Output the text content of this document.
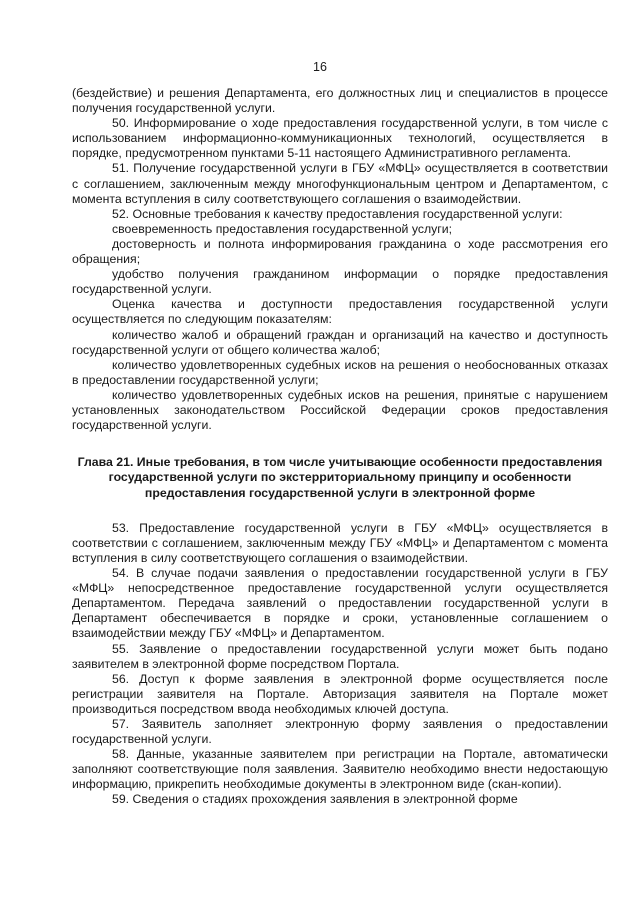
16

(бездействие) и решения Департамента, его должностных лиц и специалистов в процессе получения государственной услуги.

50. Информирование о ходе предоставления государственной услуги, в том числе с использованием информационно-коммуникационных технологий, осуществляется в порядке, предусмотренном пунктами 5-11 настоящего Административного регламента.

51. Получение государственной услуги в ГБУ «МФЦ» осуществляется в соответствии с соглашением, заключенным между многофункциональным центром и Департаментом, с момента вступления в силу соответствующего соглашения о взаимодействии.

52. Основные требования к качеству предоставления государственной услуги:

своевременность предоставления государственной услуги;

достоверность и полнота информирования гражданина о ходе рассмотрения его обращения;

удобство получения гражданином информации о порядке предоставления государственной услуги.

Оценка качества и доступности предоставления государственной услуги осуществляется по следующим показателям:

количество жалоб и обращений граждан и организаций на качество и доступность государственной услуги от общего количества жалоб;

количество удовлетворенных судебных исков на решения о необоснованных отказах в предоставлении государственной услуги;

количество удовлетворенных судебных исков на решения, принятые с нарушением установленных законодательством Российской Федерации сроков предоставления государственной услуги.

Глава 21. Иные требования, в том числе учитывающие особенности предоставления государственной услуги по экстерриториальному принципу и особенности предоставления государственной услуги в электронной форме

53. Предоставление государственной услуги в ГБУ «МФЦ» осуществляется в соответствии с соглашением, заключенным между ГБУ «МФЦ» и Департаментом с момента вступления в силу соответствующего соглашения о взаимодействии.

54. В случае подачи заявления о предоставлении государственной услуги в ГБУ «МФЦ» непосредственное предоставление государственной услуги осуществляется Департаментом. Передача заявлений о предоставлении государственной услуги в Департамент обеспечивается в порядке и сроки, установленные соглашением о взаимодействии между ГБУ «МФЦ» и Департаментом.

55. Заявление о предоставлении государственной услуги может быть подано заявителем в электронной форме посредством Портала.

56. Доступ к форме заявления в электронной форме осуществляется после регистрации заявителя на Портале. Авторизация заявителя на Портале может производиться посредством ввода необходимых ключей доступа.

57. Заявитель заполняет электронную форму заявления о предоставлении государственной услуги.

58. Данные, указанные заявителем при регистрации на Портале, автоматически заполняют соответствующие поля заявления. Заявителю необходимо внести недостающую информацию, прикрепить необходимые документы в электронном виде (скан-копии).

59. Сведения о стадиях прохождения заявления в электронной форме
